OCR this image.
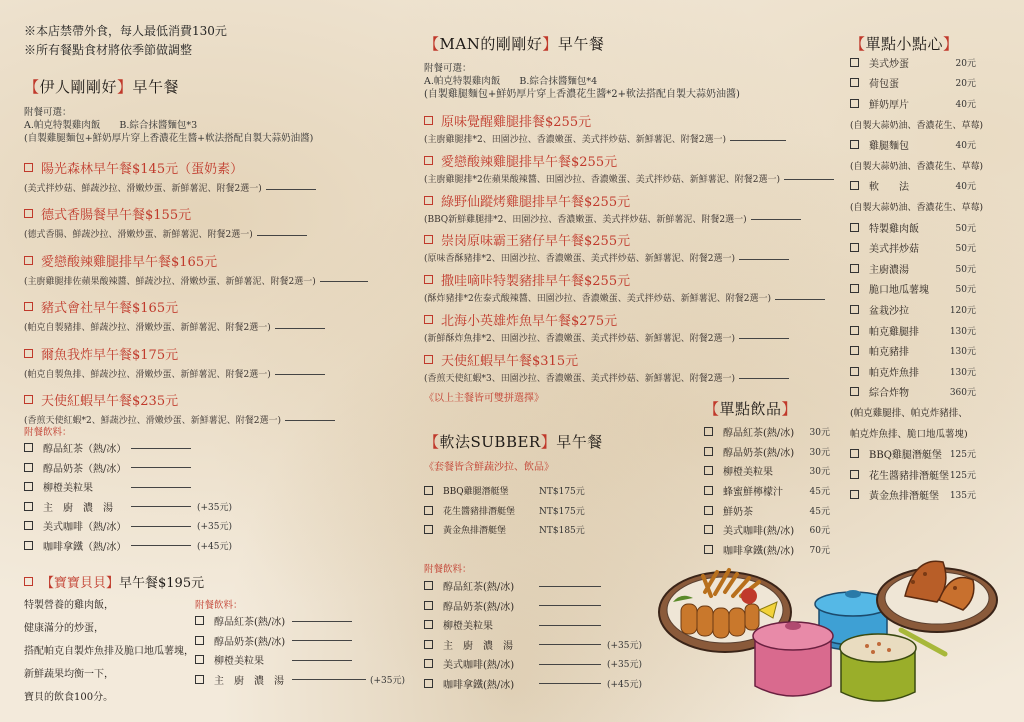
※本店禁帶外食，每人最低消費130元
※所有餐點食材將依季節做調整
【伊人剛剛好】早午餐
附餐可選：
A.帕克特製雞肉飯　　B.綜合抹醬麵包*3
(自製雞腿麵包+鮮奶厚片穿上香濃花生醬+軟法搭配自製大蒜奶油醬)
陽光森林早午餐$145元（蛋奶素）
(美式拌炒菇、鮮蔬沙拉、滑嫩炒蛋、新鮮薯泥、附餐2選一)
德式香腸餐早午餐$155元
(德式香腸、鮮蔬沙拉、滑嫩炒蛋、新鮮薯泥、附餐2選一)
愛戀酸辣雞腿排早午餐$165元
(主廚雞腿排佐蘋果酸辣醬、鮮蔬沙拉、滑嫩炒蛋、新鮮薯泥、附餐2選一)
豬式會社早午餐$165元
(帕克自製豬排、鮮蔬沙拉、滑嫩炒蛋、新鮮薯泥、附餐2選一)
爾魚我炸早午餐$175元
(帕克自製魚排、鮮蔬沙拉、滑嫩炒蛋、新鮮薯泥、附餐2選一)
天使紅蝦早午餐$235元
(香煎天使紅蝦*2、鮮蔬沙拉、滑嫩炒蛋、新鮮薯泥、附餐2選一)
附餐飲料：
醇品紅茶（熱/冰）
醇品奶茶（熱/冰）
柳橙美粒果
主　廚　濃　湯	(+35元)
美式咖啡（熱/冰）	(+35元)
咖啡拿鐵（熱/冰）	(+45元)
【寶寶貝貝】 早午餐$195元
特製營養的雞肉飯，
健康滿分的炒蛋，
搭配帕克自製炸魚排及脆口地瓜薯塊，
新鮮蔬果均衡一下，
寶貝的飲食100分。
附餐飲料：
醇品紅茶(熱/冰)
醇品奶茶(熱/冰)
柳橙美粒果
主　廚　濃　湯	(+35元)
【MAN的剛剛好】早午餐
附餐可選：
A.帕克特製雞肉飯　　B.綜合抹醬麵包*4
(自製雞腿麵包+鮮奶厚片穿上香濃花生醬*2+軟法搭配自製大蒜奶油醬)
原味覺醒雞腿排餐$255元
(主廚雞腿排*2、田園沙拉、香濃嫩蛋、美式拌炒菇、新鮮薯泥、附餐2選一)
愛戀酸辣雞腿排早午餐$255元
(主廚雞腿排*2佐蘋果酸辣醬、田園沙拉、香濃嫩蛋、美式拌炒菇、新鮮薯泥、附餐2選一)
綠野仙蹤烤雞腿排早午餐$255元
(BBQ新鮮雞腿排*2、田園沙拉、香濃嫩蛋、美式拌炒菇、新鮮薯泥、附餐2選一)
崇岗原味霸王豬仔早午餐$255元
(原味香酥豬排*2、田園沙拉、香濃嫩蛋、美式拌炒菇、新鮮薯泥、附餐2選一)
撒哇嘀咔特製豬排早午餐$255元
(酥炸豬排*2佐泰式酸辣醬、田園沙拉、香濃嫩蛋、美式拌炒菇、新鮮薯泥、附餐2選一)
北海小英雄炸魚早午餐$275元
(新鮮酥炸魚排*2、田園沙拉、香濃嫩蛋、美式拌炒菇、新鮮薯泥、附餐2選一)
天使紅蝦早午餐$315元
(香煎天使紅蝦*3、田園沙拉、香濃嫩蛋、美式拌炒菇、新鮮薯泥、附餐2選一)
《以上主餐皆可雙拼選擇》
【軟法SUBBER】早午餐
《套餐皆含鮮蔬沙拉、飲品》
BBQ雞腿潛艇堡	NT$175元
花生醬豬排潛艇堡	NT$175元
黃金魚排潛艇堡	NT$185元
附餐飲料：
醇品紅茶(熱/冰)
醇品奶茶(熱/冰)
柳橙美粒果
主　廚　濃　湯	(+35元)
美式咖啡(熱/冰)	(+35元)
咖啡拿鐵(熱/冰)	(+45元)
【單點飲品】
醇品紅茶(熱/冰) 30元
醇品奶茶(熱/冰) 30元
柳橙美粒果	30元
蜂蜜鮮檸檬汁	45元
鮮奶茶	45元
美式咖啡(熱/冰) 60元
咖啡拿鐵(熱/冰) 70元
【單點小點心】
美式炒蛋	20元
荷包蛋	20元
鮮奶厚片	40元
(自製大蒜奶油、香濃花生、草莓)
雞腿麵包	40元
(自製大蒜奶油、香濃花生、草莓)
軟　　法	40元
(自製大蒜奶油、香濃花生、草莓)
特製雞肉飯	50元
美式拌炒菇	50元
主廚濃湯	50元
脆口地瓜薯塊	50元
盆栽沙拉	120元
帕克雞腿排	130元
帕克豬排	130元
帕克炸魚排	130元
綜合炸物	360元
(帕克雞腿排、帕克炸豬排、
帕克炸魚排、脆口地瓜薯塊)
BBQ雞腿潛艇堡 125元
花生醬豬排潛艇堡 125元
黃金魚排潛艇堡 135元
